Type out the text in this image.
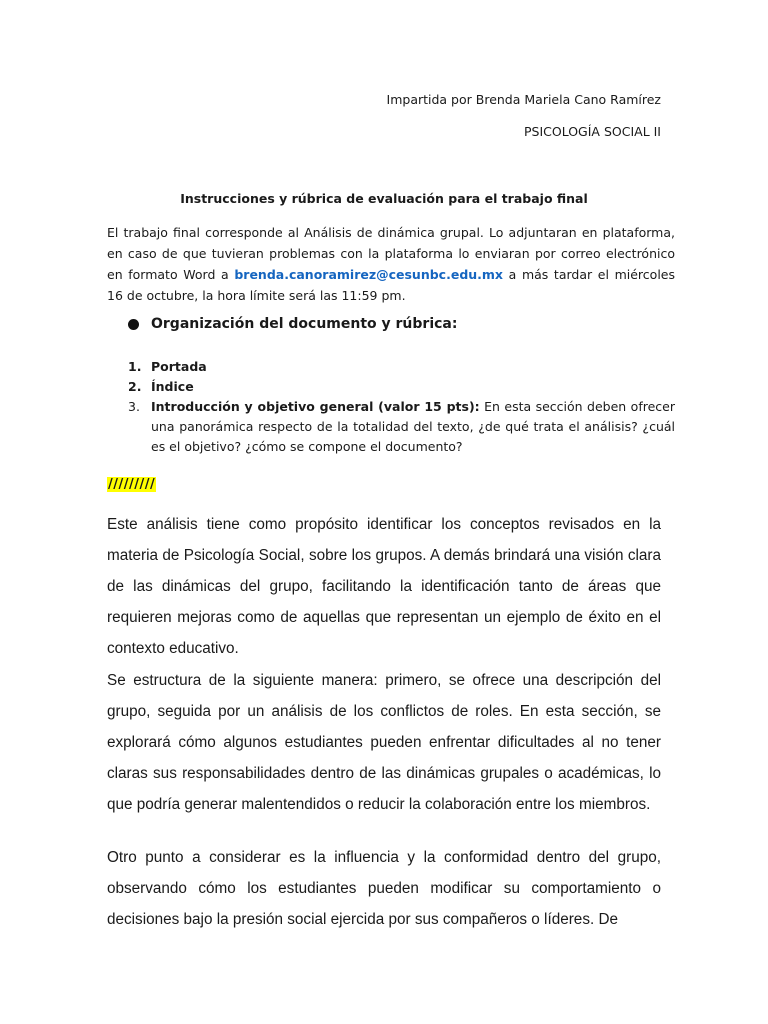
Impartida por Brenda Mariela Cano Ramírez
PSICOLOGÍA SOCIAL II
Instrucciones y rúbrica de evaluación para el trabajo final
El trabajo final corresponde al Análisis de dinámica grupal. Lo adjuntaran en plataforma, en caso de que tuvieran problemas con la plataforma lo enviaran por correo electrónico en formato Word a brenda.canoramirez@cesunbc.edu.mx a más tardar el miércoles 16 de octubre, la hora límite será las 11:59 pm.
Organización del documento y rúbrica:
1. Portada
2. Índice
3. Introducción y objetivo general (valor 15 pts): En esta sección deben ofrecer una panorámica respecto de la totalidad del texto, ¿de qué trata el análisis? ¿cuál es el objetivo? ¿cómo se compone el documento?
/////////

Este análisis tiene como propósito identificar los conceptos revisados en la materia de Psicología Social, sobre los grupos. A demás brindará una visión clara de las dinámicas del grupo, facilitando la identificación tanto de áreas que requieren mejoras como de aquellas que representan un ejemplo de éxito en el contexto educativo.

Se estructura de la siguiente manera: primero, se ofrece una descripción del grupo, seguida por un análisis de los conflictos de roles. En esta sección, se explorará cómo algunos estudiantes pueden enfrentar dificultades al no tener claras sus responsabilidades dentro de las dinámicas grupales o académicas, lo que podría generar malentendidos o reducir la colaboración entre los miembros.

Otro punto a considerar es la influencia y la conformidad dentro del grupo, observando cómo los estudiantes pueden modificar su comportamiento o decisiones bajo la presión social ejercida por sus compañeros o líderes. De
